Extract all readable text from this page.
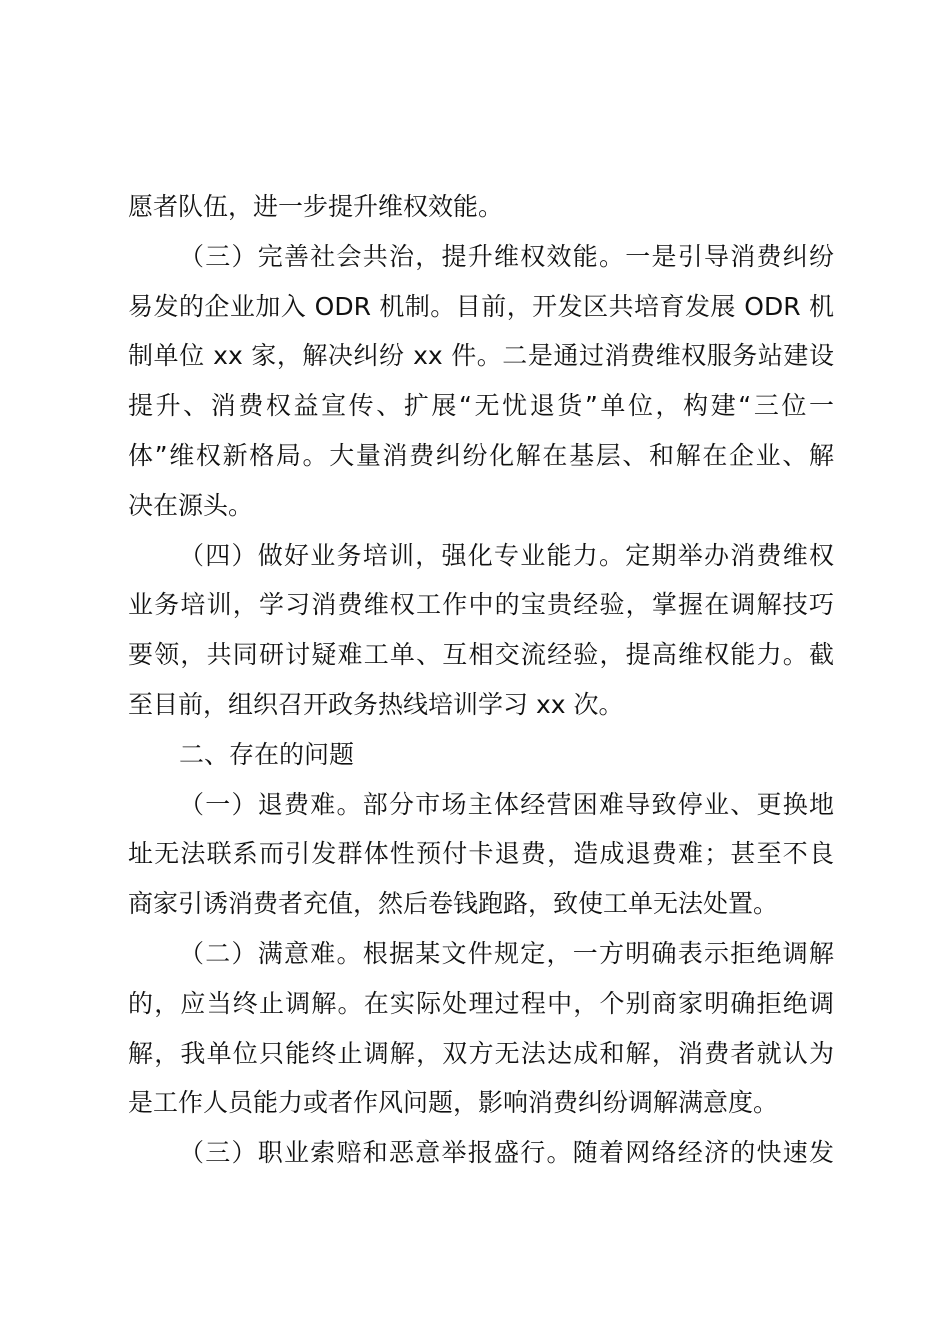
愿者队伍，进一步提升维权效能。
（三）完善社会共治，提升维权效能。一是引导消费纠纷
易发的企业加入 ODR 机制。目前，开发区共培育发展 ODR 机
制单位 xx 家，解决纠纷 xx 件。二是通过消费维权服务站建设
提升、消费权益宣传、扩展“无忧退货”单位，构建“三位一
体”维权新格局。大量消费纠纷化解在基层、和解在企业、解
决在源头。
（四）做好业务培训，强化专业能力。定期举办消费维权
业务培训，学习消费维权工作中的宝贵经验，掌握在调解技巧
要领，共同研讨疑难工单、互相交流经验，提高维权能力。截
至目前，组织召开政务热线培训学习 xx 次。
二、存在的问题
（一）退费难。部分市场主体经营困难导致停业、更换地
址无法联系而引发群体性预付卡退费，造成退费难；甚至不良
商家引诱消费者充值，然后卷钱跑路，致使工单无法处置。
（二）满意难。根据某文件规定，一方明确表示拒绝调解
的，应当终止调解。在实际处理过程中，个别商家明确拒绝调
解，我单位只能终止调解，双方无法达成和解，消费者就认为
是工作人员能力或者作风问题，影响消费纠纷调解满意度。
（三）职业索赔和恶意举报盛行。随着网络经济的快速发
